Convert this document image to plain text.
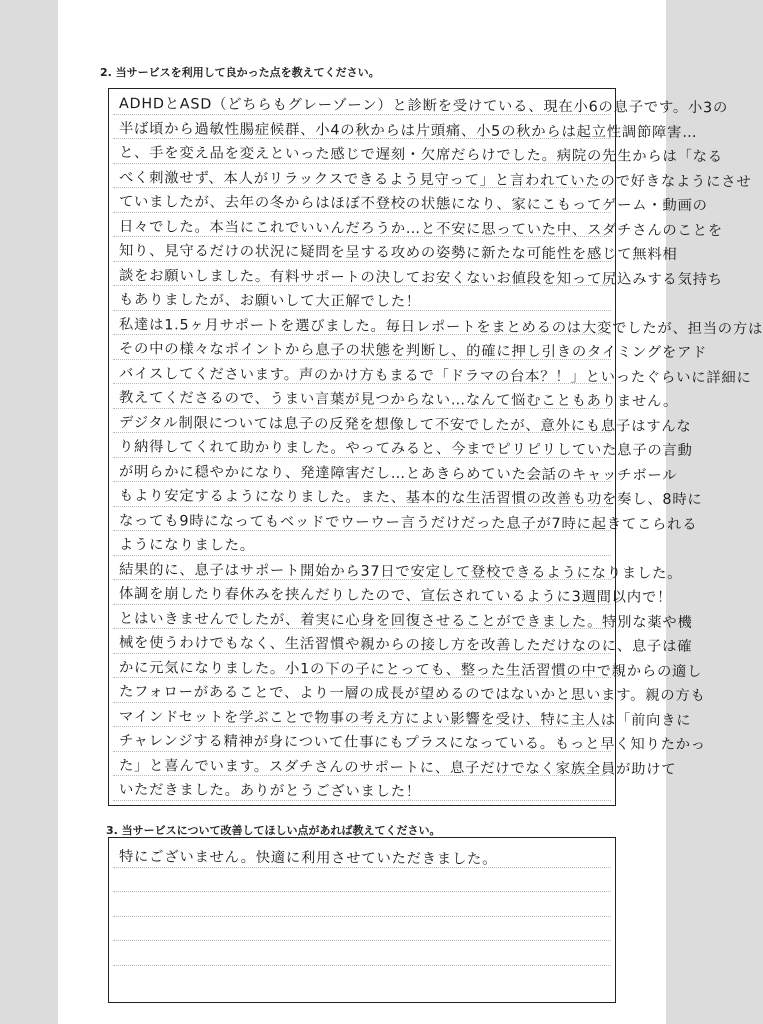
2. 当サービスを利用して良かった点を教えてください。
ADHDとASD（どちらもグレーゾーン）と診断を受けている、現在小6の息子です。小3の
半ば頃から過敏性腸症候群、小4の秋からは片頭痛、小5の秋からは起立性調節障害…
と、手を変え品を変えといった感じで遅刻・欠席だらけでした。病院の先生からは「なる
べく刺激せず、本人がリラックスできるよう見守って」と言われていたので好きなようにさせ
ていましたが、去年の冬からはほぼ不登校の状態になり、家にこもってゲーム・動画の
日々でした。本当にこれでいいんだろうか…と不安に思っていた中、スダチさんのことを
知り、見守るだけの状況に疑問を呈する攻めの姿勢に新たな可能性を感じて無料相
談をお願いしました。有料サポートの決してお安くないお値段を知って尻込みする気持ち
もありましたが、お願いして大正解でした！
私達は1.5ヶ月サポートを選びました。毎日レポートをまとめるのは大変でしたが、担当の方は
その中の様々なポイントから息子の状態を判断し、的確に押し引きのタイミングをアド
バイスしてくださいます。声のかけ方もまるで「ドラマの台本？！」といったぐらいに詳細に
教えてくださるので、うまい言葉が見つからない…なんて悩むこともありません。
デジタル制限については息子の反発を想像して不安でしたが、意外にも息子はすんな
り納得してくれて助かりました。やってみると、今までピリピリしていた息子の言動
が明らかに穏やかになり、発達障害だし…とあきらめていた会話のキャッチボール
もより安定するようになりました。また、基本的な生活習慣の改善も功を奏し、8時に
なっても9時になってもベッドでウーウー言うだけだった息子が7時に起きてこられる
ようになりました。
結果的に、息子はサポート開始から37日で安定して登校できるようになりました。
体調を崩したり春休みを挟んだりしたので、宣伝されているように3週間以内で！
とはいきませんでしたが、着実に心身を回復させることができました。特別な薬や機
械を使うわけでもなく、生活習慣や親からの接し方を改善しただけなのに、息子は確
かに元気になりました。小1の下の子にとっても、整った生活習慣の中で親からの適し
たフォローがあることで、より一層の成長が望めるのではないかと思います。親の方も
マインドセットを学ぶことで物事の考え方によい影響を受け、特に主人は「前向きに
チャレンジする精神が身について仕事にもプラスになっている。もっと早く知りたかっ
た」と喜んでいます。スダチさんのサポートに、息子だけでなく家族全員が助けて
いただきました。ありがとうございました！
3. 当サービスについて改善してほしい点があれば教えてください。
特にございません。快適に利用させていただきました。
